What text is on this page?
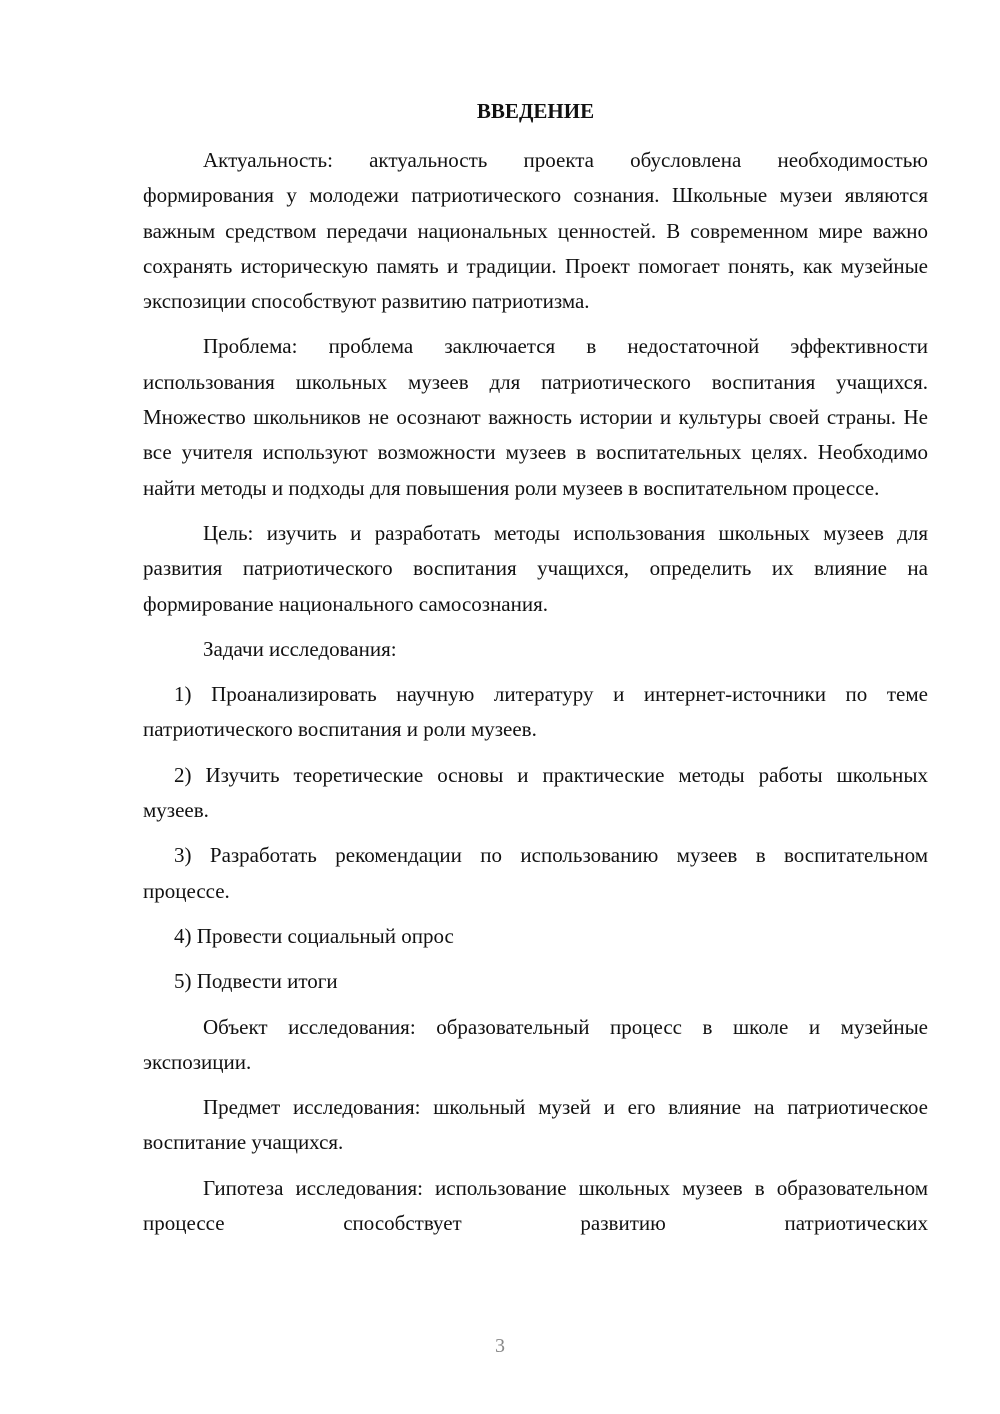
ВВЕДЕНИЕ

Актуальность: актуальность проекта обусловлена необходимостью формирования у молодежи патриотического сознания. Школьные музеи являются важным средством передачи национальных ценностей. В современном мире важно сохранять историческую память и традиции. Проект помогает понять, как музейные экспозиции способствуют развитию патриотизма.

Проблема: проблема заключается в недостаточной эффективности использования школьных музеев для патриотического воспитания учащихся. Множество школьников не осознают важность истории и культуры своей страны. Не все учителя используют возможности музеев в воспитательных целях. Необходимо найти методы и подходы для повышения роли музеев в воспитательном процессе.

Цель: изучить и разработать методы использования школьных музеев для развития патриотического воспитания учащихся, определить их влияние на формирование национального самосознания.

Задачи исследования:

1) Проанализировать научную литературу и интернет-источники по теме патриотического воспитания и роли музеев.

2) Изучить теоретические основы и практические методы работы школьных музеев.

3) Разработать рекомендации по использованию музеев в воспитательном процессе.

4) Провести социальный опрос

5) Подвести итоги

Объект исследования: образовательный процесс в школе и музейные экспозиции.

Предмет исследования: школьный музей и его влияние на патриотическое воспитание учащихся.

Гипотеза исследования: использование школьных музеев в образовательном процессе способствует развитию патриотических

3
